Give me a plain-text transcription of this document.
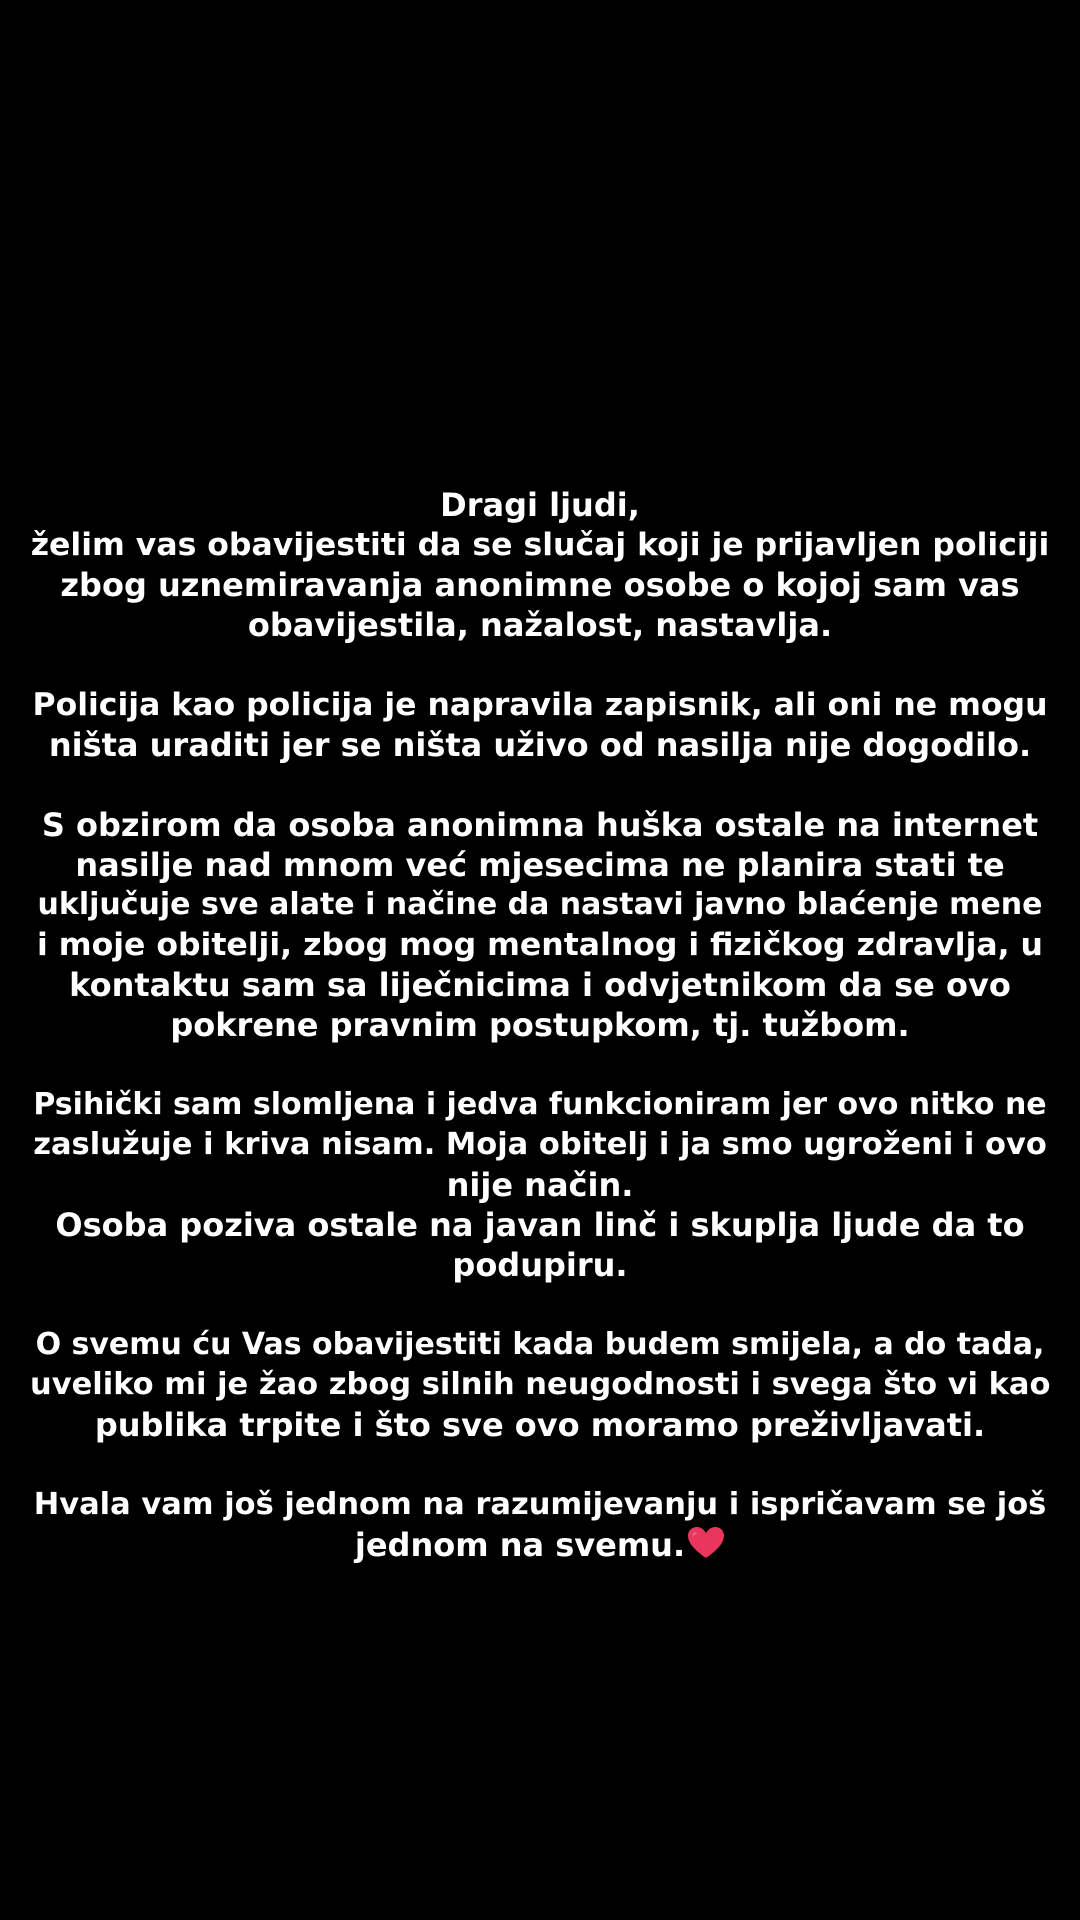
Dragi ljudi,
želim vas obavijestiti da se slučaj koji je prijavljen policiji
zbog uznemiravanja anonimne osobe o kojoj sam vas
obavijestila, nažalost, nastavlja.

Policija kao policija je napravila zapisnik, ali oni ne mogu
ništa uraditi jer se ništa uživo od nasilja nije dogodilo.

S obzirom da osoba anonimna huška ostale na internet
nasilje nad mnom već mjesecima ne planira stati te
uključuje sve alate i načine da nastavi javno blaćenje mene
i moje obitelji, zbog mog mentalnog i fizičkog zdravlja, u
kontaktu sam sa liječnicima i odvjetnikom da se ovo
pokrene pravnim postupkom, tj. tužbom.

Psihički sam slomljena i jedva funkcioniram jer ovo nitko ne
zaslužuje i kriva nisam. Moja obitelj i ja smo ugroženi i ovo
nije način.
Osoba poziva ostale na javan linč i skuplja ljude da to
podupiru.

O svemu ću Vas obavijestiti kada budem smijela, a do tada,
uveliko mi je žao zbog silnih neugodnosti i svega što vi kao
publika trpite i što sve ovo moramo preživljavati.

Hvala vam još jednom na razumijevanju i ispričavam se još
jednom na svemu.
